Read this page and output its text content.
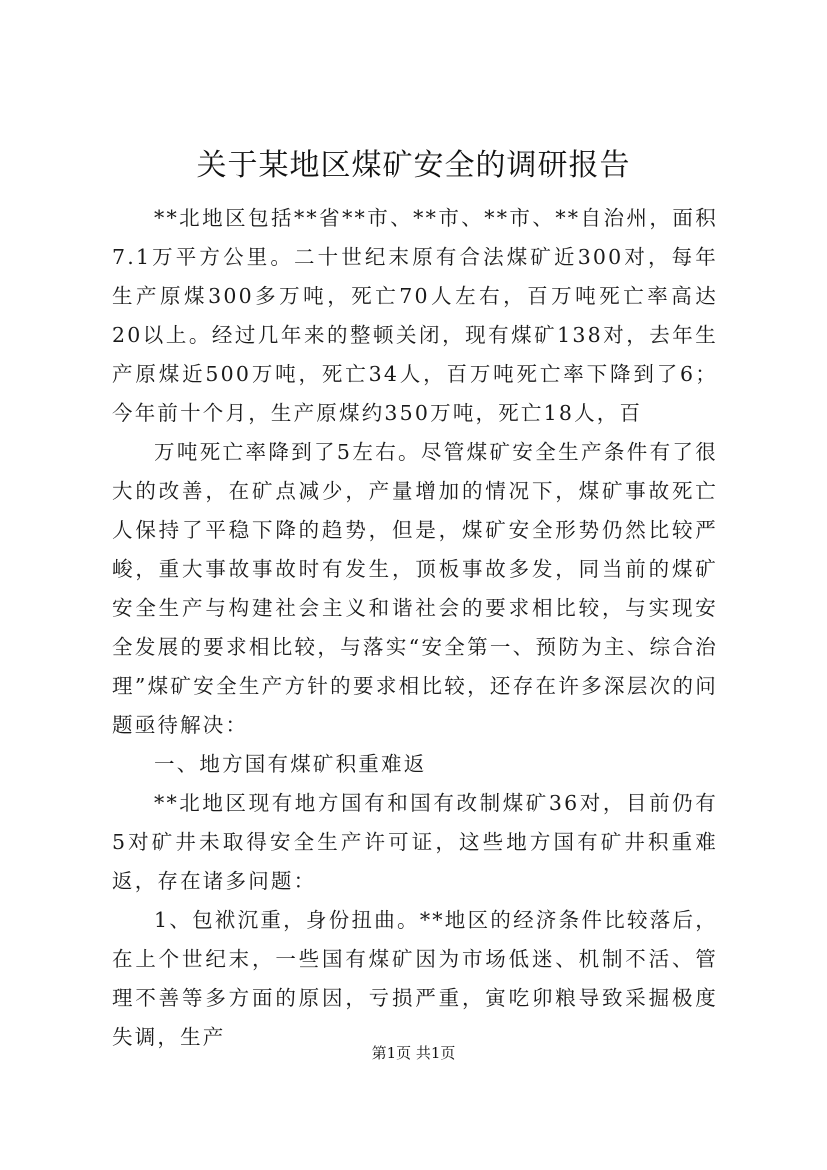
关于某地区煤矿安全的调研报告

**北地区包括**省**市、**市、**市、**自治州，面积7.1万平方公里。二十世纪末原有合法煤矿近300对，每年生产原煤300多万吨，死亡70人左右，百万吨死亡率高达20以上。经过几年来的整顿关闭，现有煤矿138对，去年生产原煤近500万吨，死亡34人，百万吨死亡率下降到了6；今年前十个月，生产原煤约350万吨，死亡18人，百

万吨死亡率降到了5左右。尽管煤矿安全生产条件有了很大的改善，在矿点减少，产量增加的情况下，煤矿事故死亡人保持了平稳下降的趋势，但是，煤矿安全形势仍然比较严峻，重大事故事故时有发生，顶板事故多发，同当前的煤矿安全生产与构建社会主义和谐社会的要求相比较，与实现安全发展的要求相比较，与落实“安全第一、预防为主、综合治理”煤矿安全生产方针的要求相比较，还存在许多深层次的问题亟待解决：

一、地方国有煤矿积重难返

**北地区现有地方国有和国有改制煤矿36对，目前仍有5对矿井未取得安全生产许可证，这些地方国有矿井积重难返，存在诸多问题：

1、包袱沉重，身份扭曲。**地区的经济条件比较落后，在上个世纪末，一些国有煤矿因为市场低迷、机制不活、管理不善等多方面的原因，亏损严重，寅吃卯粮导致采掘极度失调，生产

第1页 共1页
